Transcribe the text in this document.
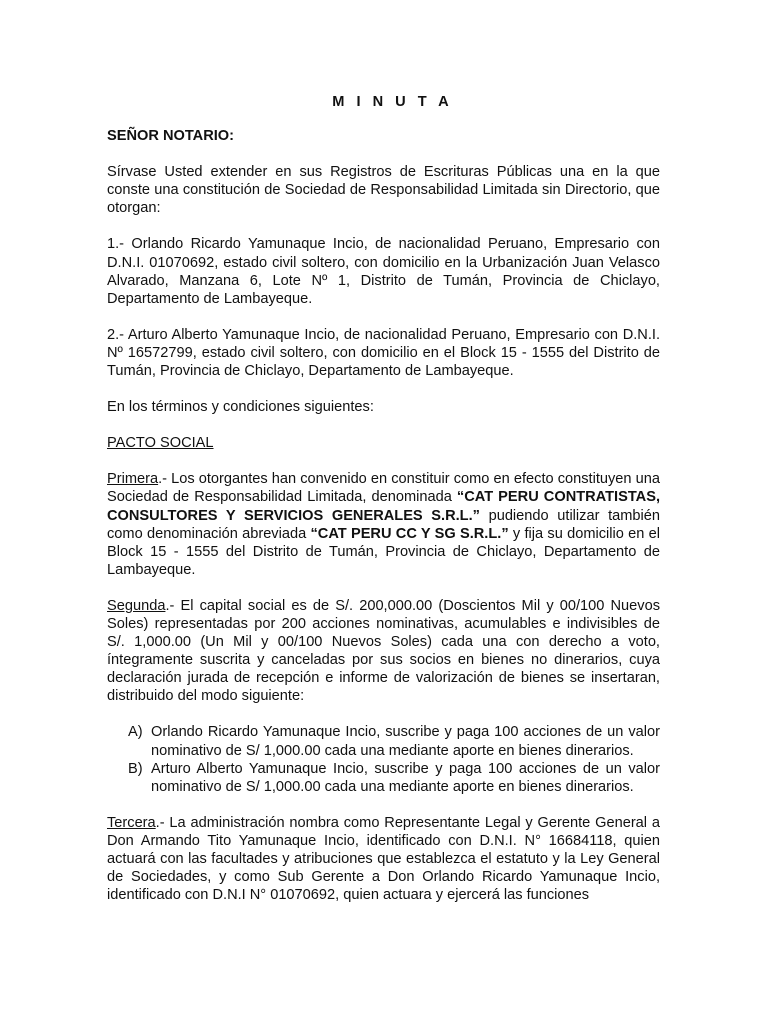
M I N U T A
SEÑOR NOTARIO:

Sírvase Usted extender en sus Registros de Escrituras Públicas una en la que conste una constitución de Sociedad de Responsabilidad Limitada sin Directorio, que otorgan:

1.- Orlando Ricardo Yamunaque Incio, de nacionalidad Peruano, Empresario con D.N.I. 01070692, estado civil soltero, con domicilio en la Urbanización Juan Velasco Alvarado, Manzana 6, Lote Nº 1, Distrito de Tumán, Provincia de Chiclayo, Departamento de Lambayeque.

2.- Arturo Alberto Yamunaque Incio, de nacionalidad Peruano, Empresario con D.N.I. Nº 16572799, estado civil soltero, con domicilio en el Block 15 - 1555 del Distrito de Tumán, Provincia de Chiclayo, Departamento de Lambayeque.

En los términos y condiciones siguientes:

PACTO SOCIAL

Primera.- Los otorgantes han convenido en constituir como en efecto constituyen una Sociedad de Responsabilidad Limitada, denominada “CAT PERU CONTRATISTAS, CONSULTORES Y SERVICIOS GENERALES S.R.L.” pudiendo utilizar también como denominación abreviada “CAT PERU CC Y SG S.R.L.” y fija su domicilio en el Block 15 - 1555 del Distrito de Tumán, Provincia de Chiclayo, Departamento de Lambayeque.

Segunda.- El capital social es de S/. 200,000.00 (Doscientos Mil y 00/100 Nuevos Soles) representadas por 200 acciones nominativas, acumulables e indivisibles de S/. 1,000.00 (Un Mil y 00/100 Nuevos Soles) cada una con derecho a voto, íntegramente suscrita y canceladas por sus socios en bienes no dinerarios, cuya declaración jurada de recepción e informe de valorización de bienes se insertaran, distribuido del modo siguiente:

A) Orlando Ricardo Yamunaque Incio, suscribe y paga 100 acciones de un valor nominativo de S/ 1,000.00 cada una mediante aporte en bienes dinerarios.
B) Arturo Alberto Yamunaque Incio, suscribe y paga 100 acciones de un valor nominativo de S/ 1,000.00 cada una mediante aporte en bienes dinerarios.

Tercera.- La administración nombra como Representante Legal y Gerente General a Don Armando Tito Yamunaque Incio, identificado con D.N.I. N° 16684118, quien actuará con las facultades y atribuciones que establezca el estatuto y la Ley General de Sociedades, y como Sub Gerente a Don Orlando Ricardo Yamunaque Incio, identificado con D.N.I N° 01070692, quien actuara y ejercerá las funciones
